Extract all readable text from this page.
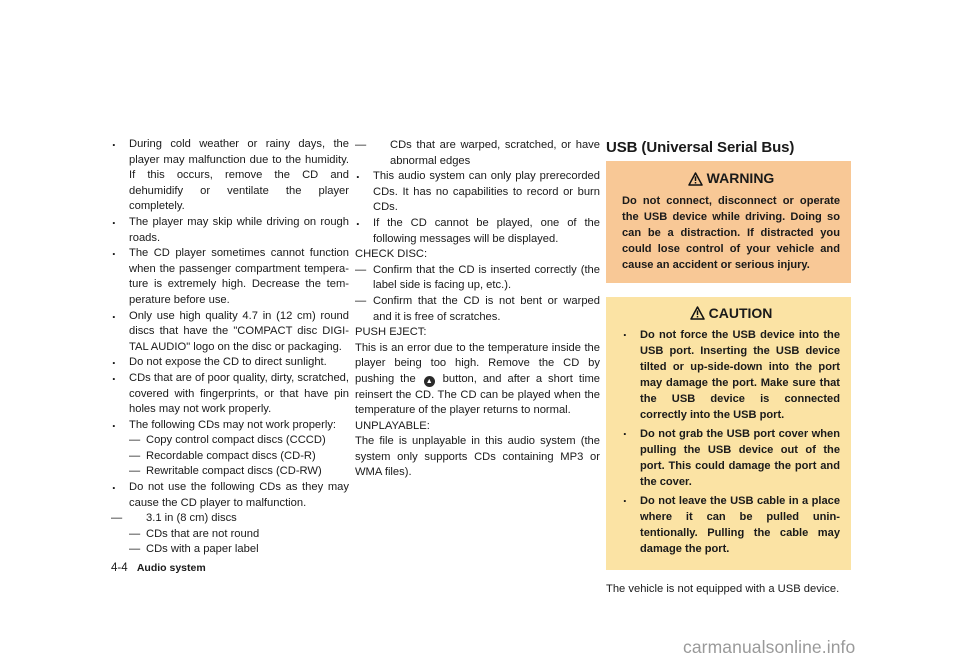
. During cold weather or rainy days, the player may malfunction due to the humidity. If this occurs, remove the CD and dehumidify or ventilate the player completely.
. The player may skip while driving on rough roads.
. The CD player sometimes cannot function when the passenger compartment tempera-ture is extremely high. Decrease the tem-perature before use.
. Only use high quality 4.7 in (12 cm) round discs that have the "COMPACT disc DIGI-TAL AUDIO" logo on the disc or packaging.
. Do not expose the CD to direct sunlight.
. CDs that are of poor quality, dirty, scratched, covered with fingerprints, or that have pin holes may not work properly.
. The following CDs may not work properly:
— Copy control compact discs (CCCD)
— Recordable compact discs (CD-R)
— Rewritable compact discs (CD-RW)
. Do not use the following CDs as they may cause the CD player to malfunction.
— 3.1 in (8 cm) discs
— CDs that are not round
— CDs with a paper label
— CDs that are warped, scratched, or have abnormal edges
. This audio system can only play prerecorded CDs. It has no capabilities to record or burn CDs.
. If the CD cannot be played, one of the following messages will be displayed.
CHECK DISC:
— Confirm that the CD is inserted correctly (the label side is facing up, etc.).
— Confirm that the CD is not bent or warped and it is free of scratches.
PUSH EJECT:
This is an error due to the temperature inside the player being too high. Remove the CD by pushing the ▲ button, and after a short time reinsert the CD. The CD can be played when the temperature of the player returns to normal.
UNPLAYABLE:
The file is unplayable in this audio system (the system only supports CDs containing MP3 or WMA files).
USB (Universal Serial Bus)
WARNING
Do not connect, disconnect or operate the USB device while driving. Doing so can be a distraction. If distracted you could lose control of your vehicle and cause an accident or serious injury.
CAUTION
. Do not force the USB device into the USB port. Inserting the USB device tilted or up-side-down into the port may damage the port. Make sure that the USB device is connected correctly into the USB port.
. Do not grab the USB port cover when pulling the USB device out of the port. This could damage the port and the cover.
. Do not leave the USB cable in a place where it can be pulled unin-tentionally. Pulling the cable may damage the port.
The vehicle is not equipped with a USB device.
4-4 Audio system
carmanualsonline.info
